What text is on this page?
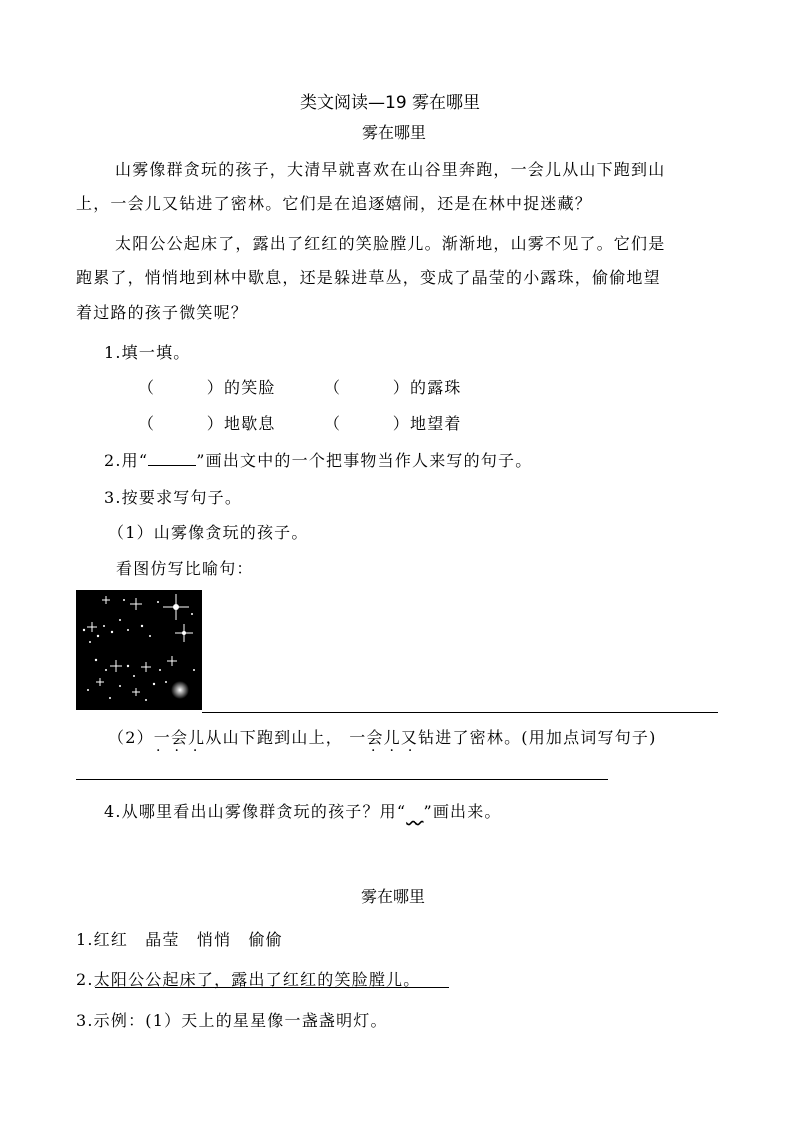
类文阅读—19 雾在哪里
雾在哪里
山雾像群贪玩的孩子，大清早就喜欢在山谷里奔跑，一会儿从山下跑到山
上，一会儿又钻进了密林。它们是在追逐嬉闹，还是在林中捉迷藏？
太阳公公起床了，露出了红红的笑脸膛儿。渐渐地，山雾不见了。它们是
跑累了，悄悄地到林中歇息，还是躲进草丛，变成了晶莹的小露珠，偷偷地望
着过路的孩子微笑呢？
1.填一填。
（　　　）的笑脸	（　　　）的露珠
（　　　）地歇息	（　　　）地望着
2.用“	”画出文中的一个把事物当作人来写的句子。
3.按要求写句子。
（1）山雾像贪玩的孩子。
看图仿写比喻句：
（2）一会儿从山下跑到山上， 一会儿又钻进了密林。(用加点词写句子)
·　·　·	·　·　·
4.从哪里看出山雾像群贪玩的孩子？用“　 ”画出来。
雾在哪里
1.红红　晶莹　悄悄　偷偷
2.太阳公公起床了，露出了红红的笑脸膛儿。
3.示例：(1）天上的星星像一盏盏明灯。
